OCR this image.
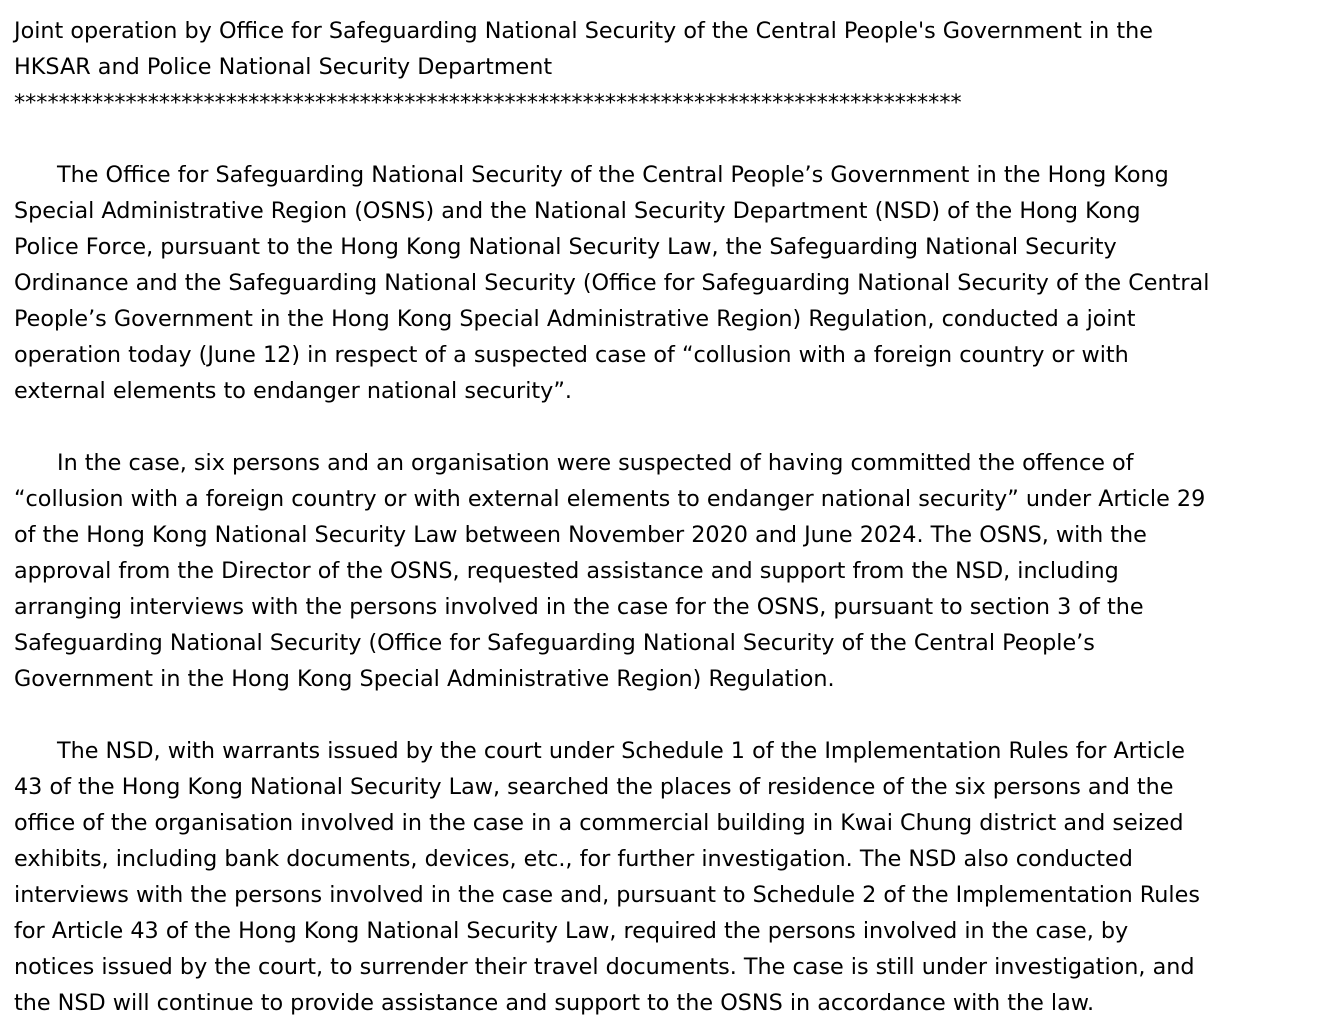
Joint operation by Office for Safeguarding National Security of the Central People's Government in the
HKSAR and Police National Security Department
*************************************************************************************

The Office for Safeguarding National Security of the Central People’s Government in the Hong Kong
Special Administrative Region (OSNS) and the National Security Department (NSD) of the Hong Kong
Police Force, pursuant to the Hong Kong National Security Law, the Safeguarding National Security
Ordinance and the Safeguarding National Security (Office for Safeguarding National Security of the Central
People’s Government in the Hong Kong Special Administrative Region) Regulation, conducted a joint
operation today (June 12) in respect of a suspected case of “collusion with a foreign country or with
external elements to endanger national security”.

In the case, six persons and an organisation were suspected of having committed the offence of
“collusion with a foreign country or with external elements to endanger national security” under Article 29
of the Hong Kong National Security Law between November 2020 and June 2024. The OSNS, with the
approval from the Director of the OSNS, requested assistance and support from the NSD, including
arranging interviews with the persons involved in the case for the OSNS, pursuant to section 3 of the
Safeguarding National Security (Office for Safeguarding National Security of the Central People’s
Government in the Hong Kong Special Administrative Region) Regulation.

The NSD, with warrants issued by the court under Schedule 1 of the Implementation Rules for Article
43 of the Hong Kong National Security Law, searched the places of residence of the six persons and the
office of the organisation involved in the case in a commercial building in Kwai Chung district and seized
exhibits, including bank documents, devices, etc., for further investigation. The NSD also conducted
interviews with the persons involved in the case and, pursuant to Schedule 2 of the Implementation Rules
for Article 43 of the Hong Kong National Security Law, required the persons involved in the case, by
notices issued by the court, to surrender their travel documents. The case is still under investigation, and
the NSD will continue to provide assistance and support to the OSNS in accordance with the law.
